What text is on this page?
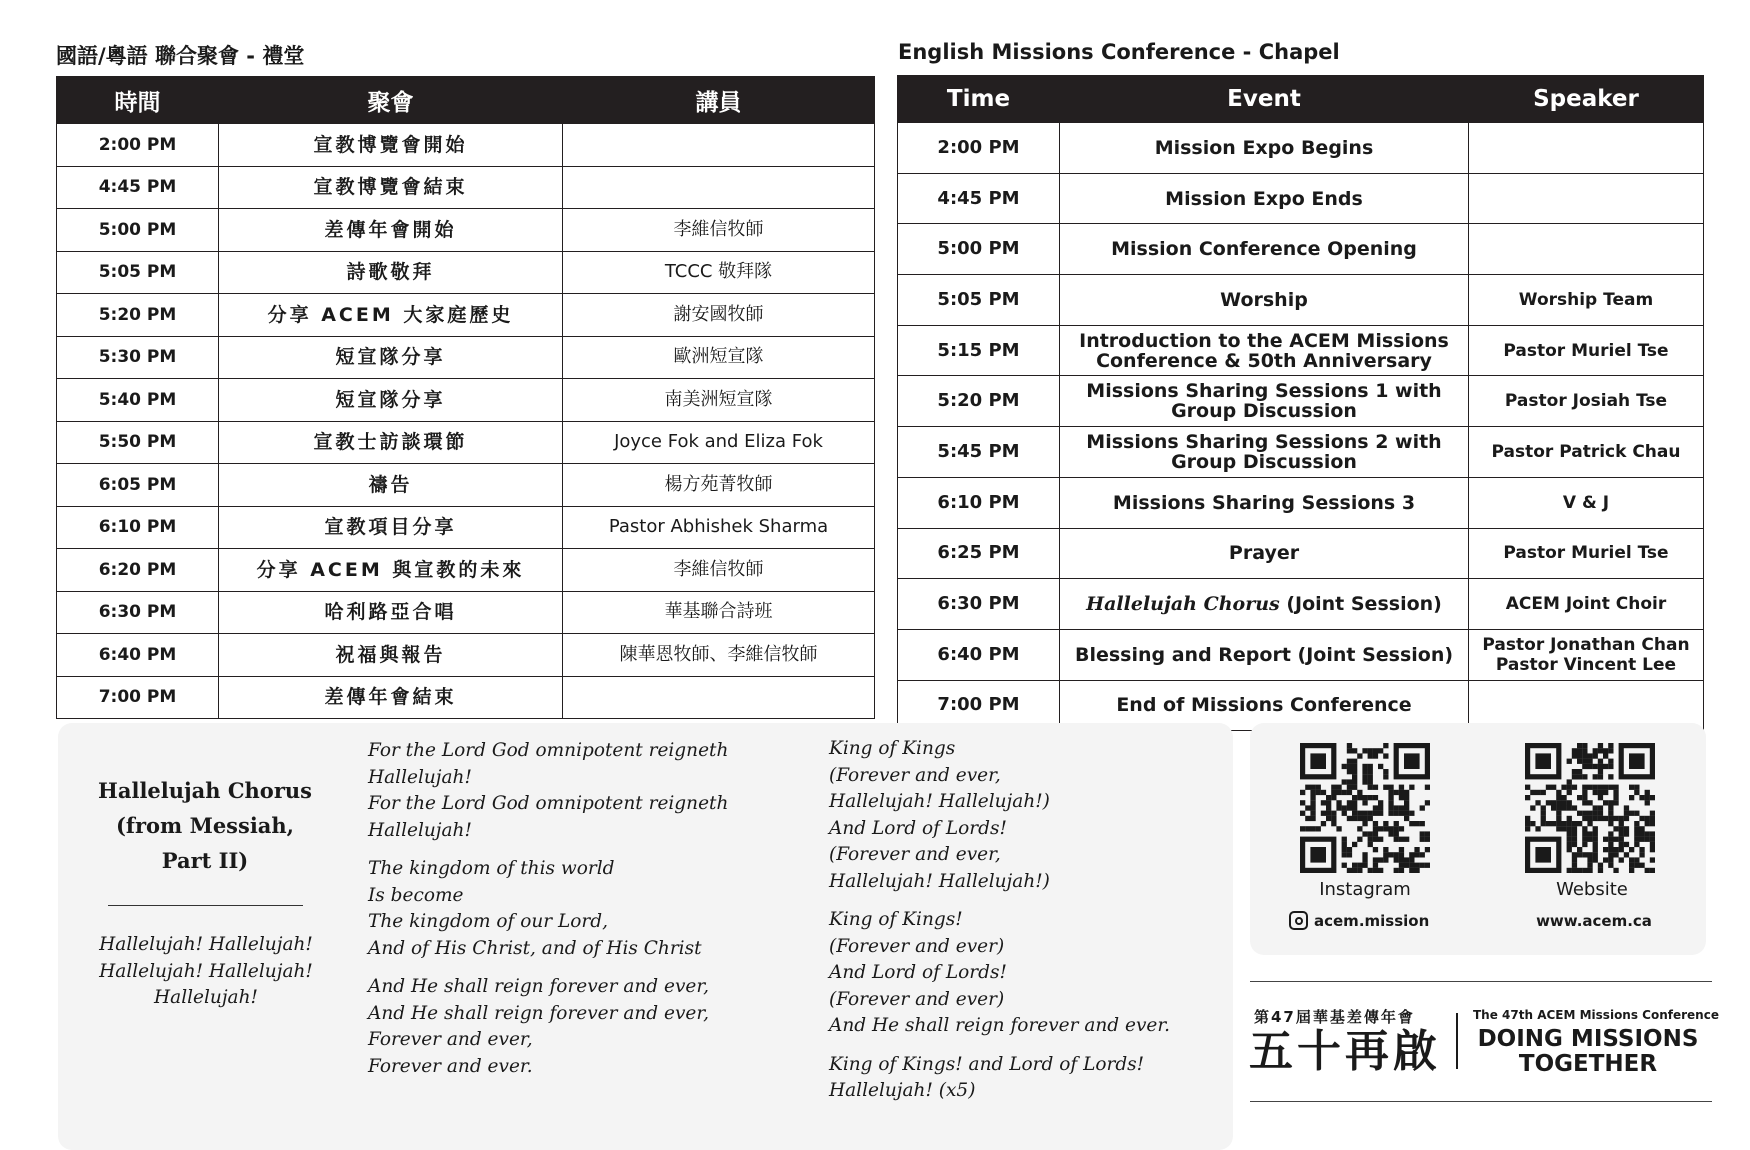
國語/粵語 聯合聚會 - 禮堂	English Missions Conference - Chapel
時間	聚會	講員
2:00 PM	宣教博覽會開始	
4:45 PM	宣教博覽會結束	
5:00 PM	差傳年會開始	李維信牧師
5:05 PM	詩歌敬拜	TCCC 敬拜隊
5:20 PM	分享 ACEM 大家庭歷史	謝安國牧師
5:30 PM	短宣隊分享	歐洲短宣隊
5:40 PM	短宣隊分享	南美洲短宣隊
5:50 PM	宣教士訪談環節	Joyce Fok and Eliza Fok
6:05 PM	禱告	楊方苑菁牧師
6:10 PM	宣教項目分享	Pastor Abhishek Sharma
6:20 PM	分享 ACEM 與宣教的未來	李維信牧師
6:30 PM	哈利路亞合唱	華基聯合詩班
6:40 PM	祝福與報告	陳華恩牧師、李維信牧師
7:00 PM	差傳年會結束	
Time	Event	Speaker
2:00 PM	Mission Expo Begins	
4:45 PM	Mission Expo Ends	
5:00 PM	Mission Conference Opening	
5:05 PM	Worship	Worship Team
5:15 PM	Introduction to the ACEM Missions Conference & 50th Anniversary	Pastor Muriel Tse
5:20 PM	Missions Sharing Sessions 1 with Group Discussion	Pastor Josiah Tse
5:45 PM	Missions Sharing Sessions 2 with Group Discussion	Pastor Patrick Chau
6:10 PM	Missions Sharing Sessions 3	V & J
6:25 PM	Prayer	Pastor Muriel Tse
6:30 PM	Hallelujah Chorus (Joint Session)	ACEM Joint Choir
6:40 PM	Blessing and Report (Joint Session)	Pastor Jonathan Chan
Pastor Vincent Lee

7:00 PM	End of Missions Conference	
Hallelujah Chorus
(from Messiah,
Part II)
Hallelujah! Hallelujah!
Hallelujah! Hallelujah!
Hallelujah!
For the Lord God omnipotent reigneth
Hallelujah!
For the Lord God omnipotent reigneth
Hallelujah!
The kingdom of this world
Is become
The kingdom of our Lord,
And of His Christ, and of His Christ
And He shall reign forever and ever,
And He shall reign forever and ever,
Forever and ever,
Forever and ever.
King of Kings
(Forever and ever,
Hallelujah! Hallelujah!)
And Lord of Lords!
(Forever and ever,
Hallelujah! Hallelujah!)
King of Kings!
(Forever and ever)
And Lord of Lords!
(Forever and ever)
And He shall reign forever and ever.
King of Kings! and Lord of Lords!
Hallelujah! (x5)
Instagram	Website
acem.mission	www.acem.ca
第47屆華基差傳年會
五十再啟
The 47th ACEM Missions Conference
DOING MISSIONS
TOGETHER
